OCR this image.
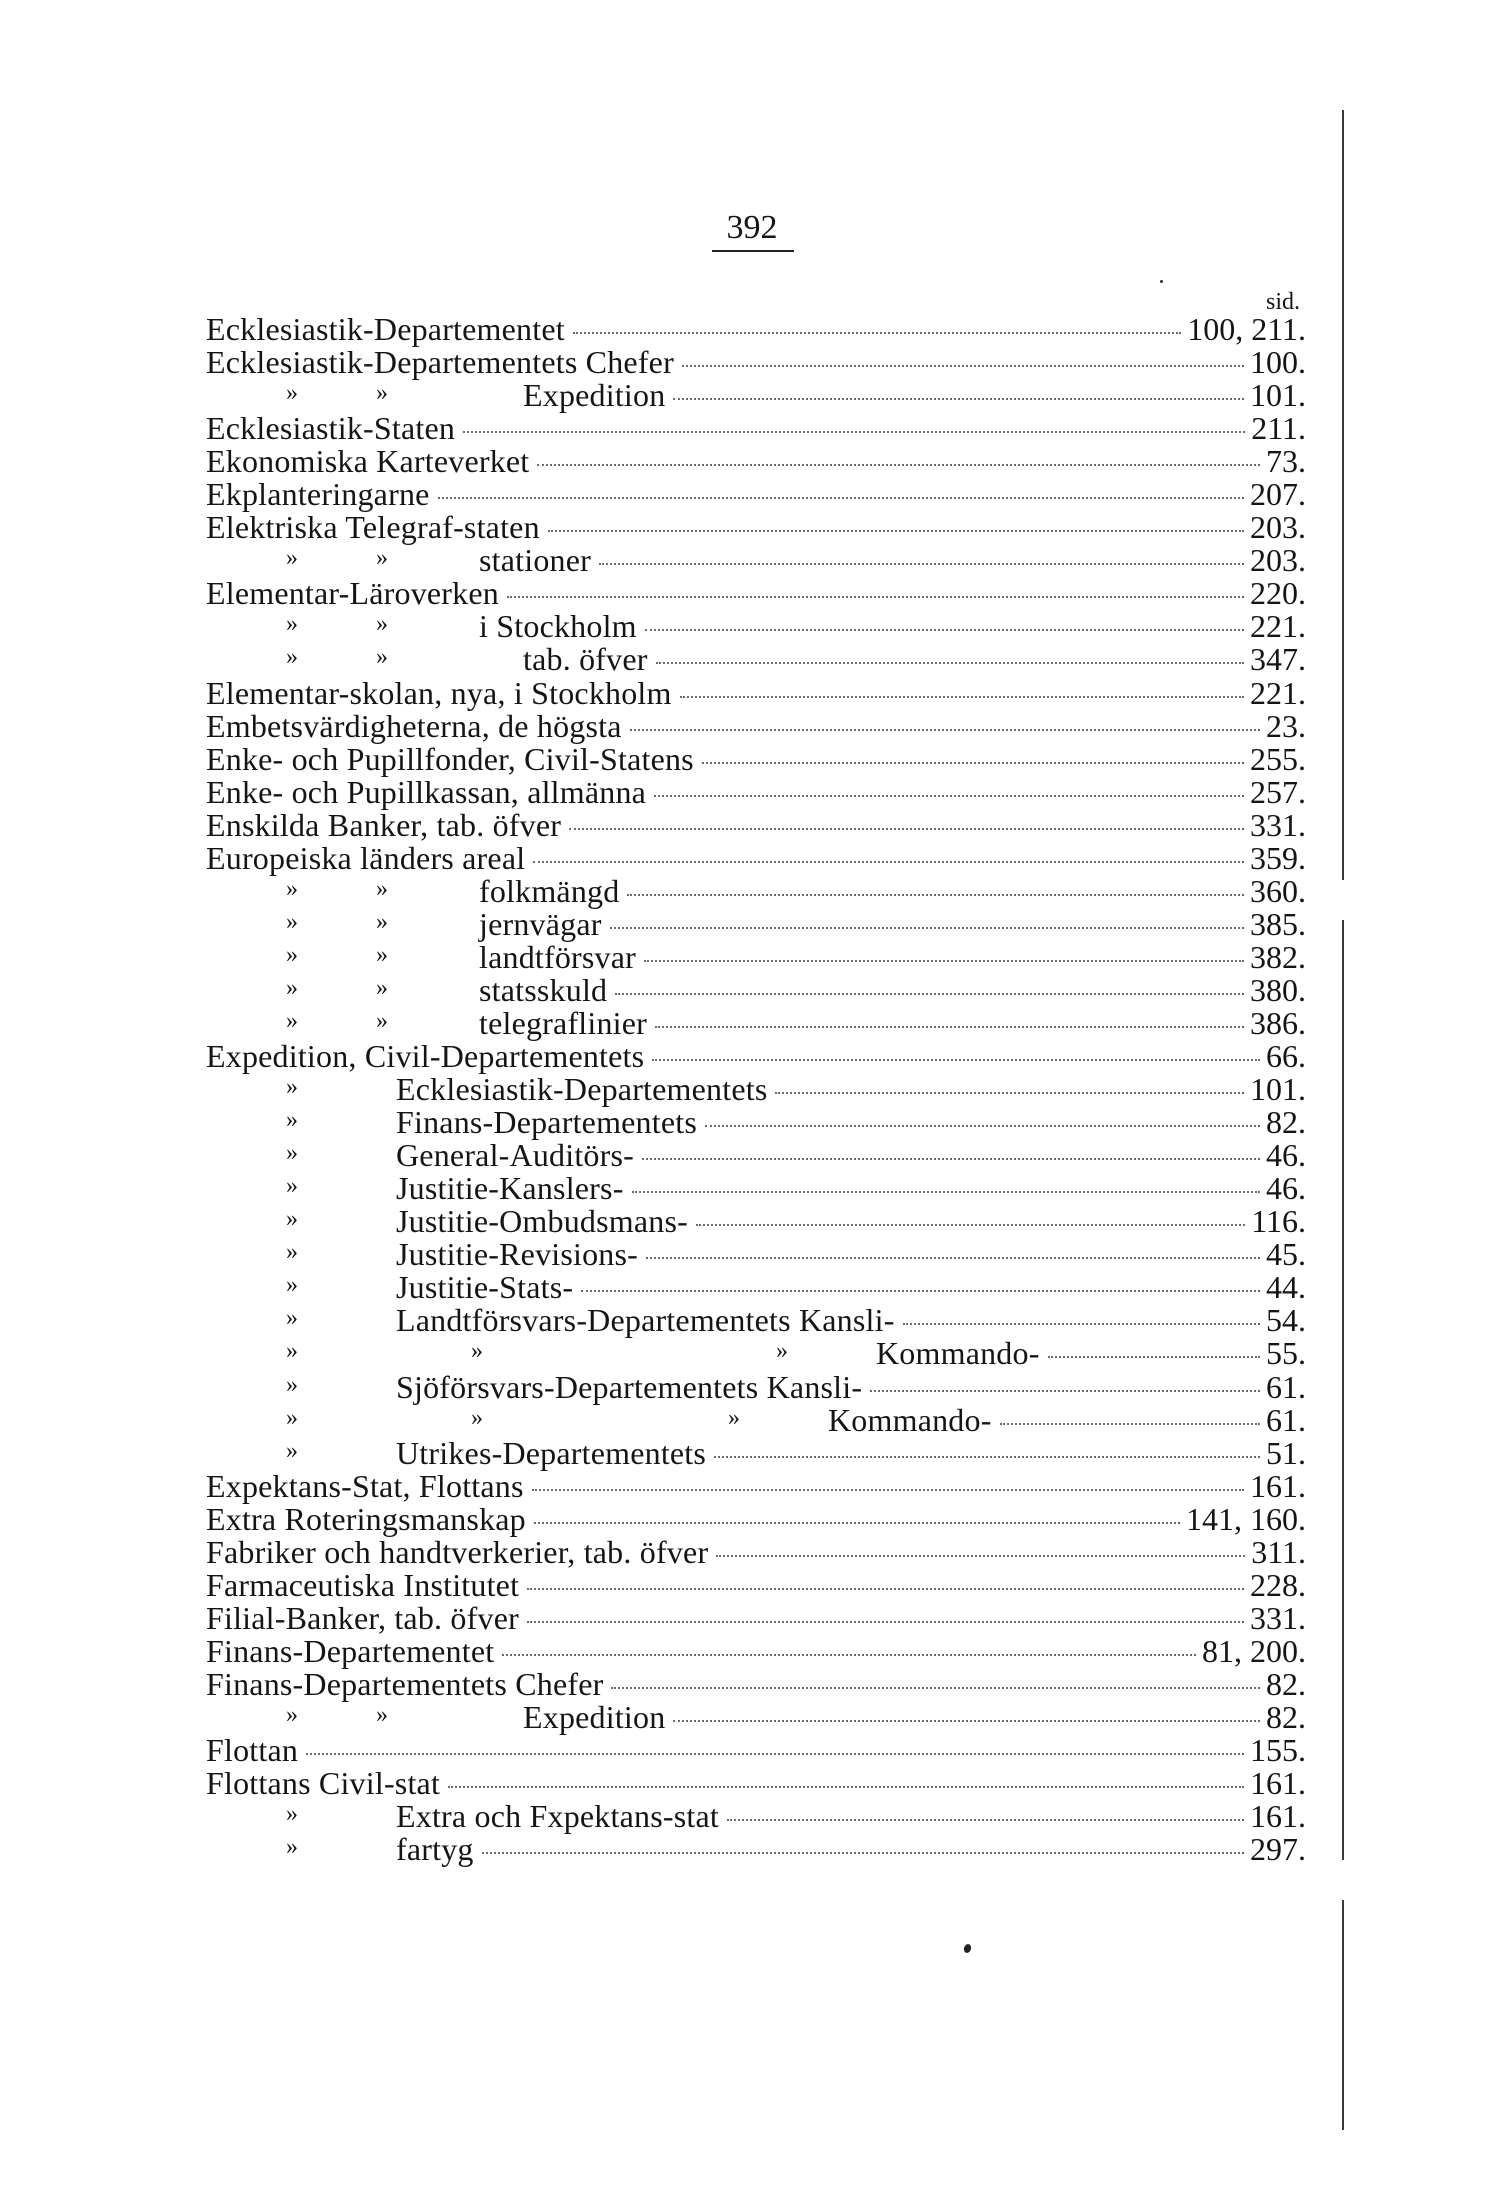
392
sid.
Ecklesiastik-Departementet	100, 211.
Ecklesiastik-Departementets Chefer	100.
»	»	Expedition	101.
Ecklesiastik-Staten	211.
Ekonomiska Karteverket	73.
Ekplanteringarne	207.
Elektriska Telegraf-staten	203.
»	»	stationer	203.
Elementar-Läroverken	220.
»	»	i Stockholm	221.
»	»	tab. öfver	347.
Elementar-skolan, nya, i Stockholm	221.
Embetsvärdigheterna, de högsta	23.
Enke- och Pupillfonder, Civil-Statens	255.
Enke- och Pupillkassan, allmänna	257.
Enskilda Banker, tab. öfver	331.
Europeiska länders areal	359.
»	»	folkmängd	360.
»	»	jernvägar	385.
»	»	landtförsvar	382.
»	»	statsskuld	380.
»	»	telegraflinier	386.
Expedition, Civil-Departementets	66.
»	Ecklesiastik-Departementets	101.
»	Finans-Departementets	82.
»	General-Auditörs-	46.
»	Justitie-Kanslers-	46.
»	Justitie-Ombudsmans-	116.
»	Justitie-Revisions-	45.
»	Justitie-Stats-	44.
»	Landtförsvars-Departementets Kansli-	54.
»	»	»	Kommando-	55.
»	Sjöförsvars-Departementets Kansli-	61.
»	»	»	Kommando-	61.
»	Utrikes-Departementets	51.
Expektans-Stat, Flottans	161.
Extra Roteringsmanskap	141, 160.
Fabriker och handtverkerier, tab. öfver	311.
Farmaceutiska Institutet	228.
Filial-Banker, tab. öfver	331.
Finans-Departementet	81, 200.
Finans-Departementets Chefer	82.
»	»	Expedition	82.
Flottan	155.
Flottans Civil-stat	161.
»	Extra och Fxpektans-stat	161.
»	fartyg	297.
